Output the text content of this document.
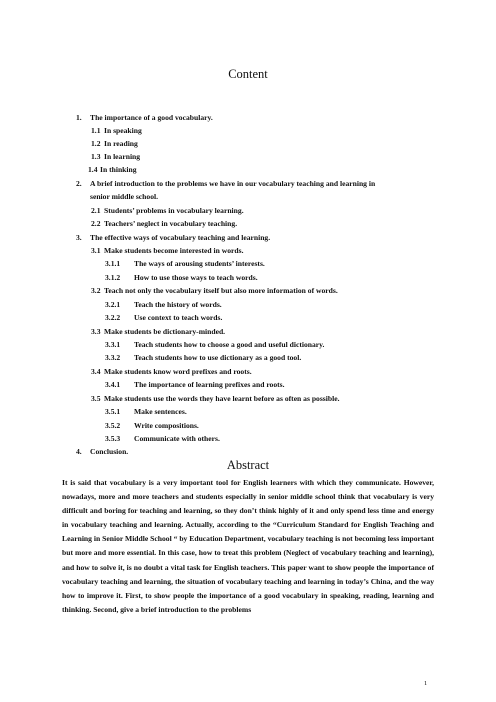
Content
1. The importance of a good vocabulary.
1.1 In speaking
1.2 In reading
1.3 In learning
1.4 In thinking
2. A brief introduction to the problems we have in our vocabulary teaching and learning in
senior middle school.
2.1 Students’ problems in vocabulary learning.
2.2 Teachers’ neglect in vocabulary teaching.
3. The effective ways of vocabulary teaching and learning.
3.1 Make students become interested in words.
3.1.1 The ways of arousing students’ interests.
3.1.2 How to use those ways to teach words.
3.2 Teach not only the vocabulary itself but also more information of words.
3.2.1 Teach the history of words.
3.2.2 Use context to teach words.
3.3 Make students be dictionary-minded.
3.3.1 Teach students how to choose a good and useful dictionary.
3.3.2 Teach students how to use dictionary as a good tool.
3.4 Make students know word prefixes and roots.
3.4.1 The importance of learning prefixes and roots.
3.5 Make students use the words they have learnt before as often as possible.
3.5.1 Make sentences.
3.5.2 Write compositions.
3.5.3 Communicate with others.
4. Conclusion.
Abstract
It is said that vocabulary is a very important tool for English learners with which they communicate. However, nowadays, more and more teachers and students especially in senior middle school think that vocabulary is very difficult and boring for teaching and learning, so they don’t think highly of it and only spend less time and energy in vocabulary teaching and learning. Actually, according to the “Curriculum Standard for English Teaching and Learning in Senior Middle School “ by Education Department, vocabulary teaching is not becoming less important but more and more essential. In this case, how to treat this problem (Neglect of vocabulary teaching and learning), and how to solve it, is no doubt a vital task for English teachers. This paper want to show people the importance of vocabulary teaching and learning, the situation of vocabulary teaching and learning in today’s China, and the way how to improve it. First, to show people the importance of a good vocabulary in speaking, reading, learning and thinking. Second, give a brief introduction to the problems
1
